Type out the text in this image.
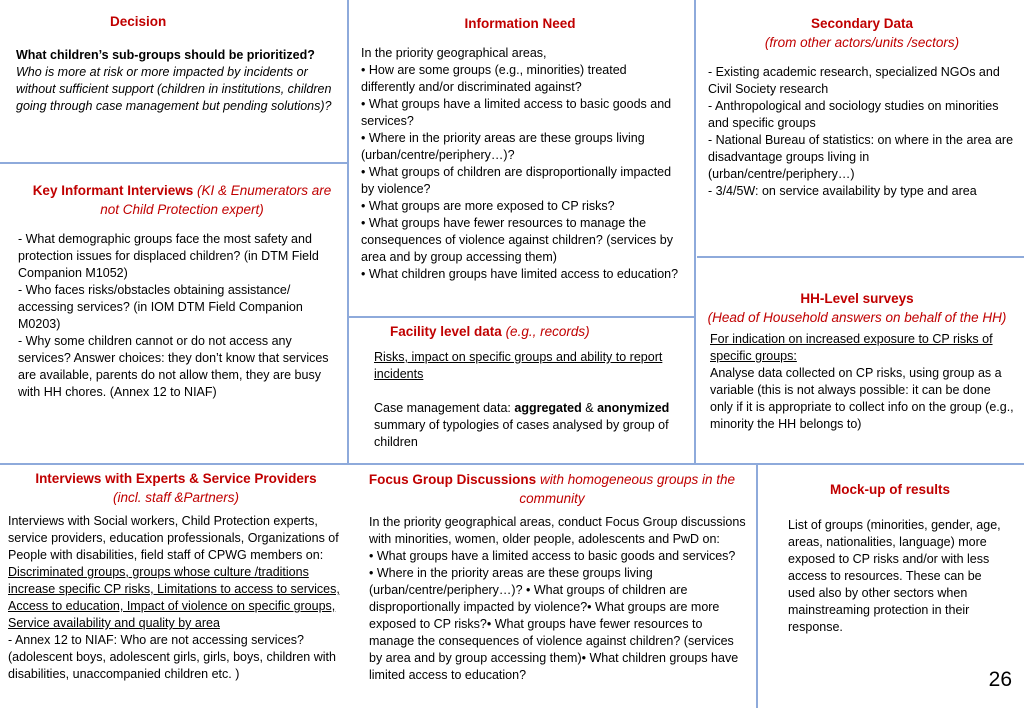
Decision

What children’s sub-groups should be prioritized?

Who is more at risk or more impacted by incidents or without sufficient support (children in institutions, children going through case management but pending solutions)?

Information Need

In the priority geographical areas,

• How are some groups (e.g., minorities) treated differently and/or discriminated against?

• What groups have a limited access to basic goods and services?

• Where in the priority areas are these groups living (urban/centre/periphery…)?

• What groups of children are disproportionally impacted by violence?

• What groups are more exposed to CP risks?

• What groups have fewer resources to manage the consequences of violence against children? (services by area and by group accessing them)

• What children groups have limited access to education?

Secondary Data
(from other actors/units /sectors)

- Existing academic research, specialized NGOs and Civil Society research

- Anthropological and sociology studies on minorities and specific groups

- National Bureau of statistics: on where in the area are disadvantage groups living in (urban/centre/periphery…)

- 3/4/5W: on service availability by type and area

Key Informant Interviews (KI & Enumerators are not Child Protection expert)

- What demographic groups face the most safety and protection issues for displaced children? (in DTM Field Companion M1052)

- Who faces risks/obstacles obtaining assistance/ accessing services? (in IOM DTM Field Companion M0203)

- Why some children cannot or do not access any services? Answer choices: they don’t know that services are available, parents do not allow them, they are busy with HH chores. (Annex 12 to NIAF)

Facility level data (e.g., records)

Risks, impact on specific groups and ability to report incidents

Case management data: aggregated & anonymized summary of typologies of cases analysed by group of children

HH-Level surveys
(Head of Household answers on behalf of the HH)

For indication on increased exposure to CP risks of specific groups:

Analyse data collected on CP risks, using group as a variable (this is not always possible: it can be done only if it is appropriate to collect info on the group (e.g., minority the HH belongs to)

Interviews with Experts & Service Providers (incl. staff &Partners)

Interviews with Social workers, Child Protection experts, service providers, education professionals, Organizations of People with disabilities, field staff of CPWG members on:

Discriminated groups, groups whose culture /traditions increase specific CP risks, Limitations to access to services, Access to education, Impact of violence on specific groups, Service availability and quality by area

- Annex 12 to NIAF: Who are not accessing services? (adolescent boys, adolescent girls, girls, boys, children with disabilities, unaccompanied children etc. )

Focus Group Discussions with homogeneous groups in the community

In the priority geographical areas, conduct Focus Group discussions with minorities, women, older people, adolescents and PwD on:
• What groups have a limited access to basic goods and services?
• Where in the priority areas are these groups living (urban/centre/periphery…)? • What groups of children are disproportionally impacted by violence?• What groups are more exposed to CP risks?• What groups have fewer resources to manage the consequences of violence against children? (services by area and by group accessing them)• What children groups have limited access to education?

Mock-up of results

List of groups (minorities, gender, age, areas, nationalities, language) more exposed to CP risks and/or with less access to resources. These can be used also by other sectors when mainstreaming protection in their response.

26
